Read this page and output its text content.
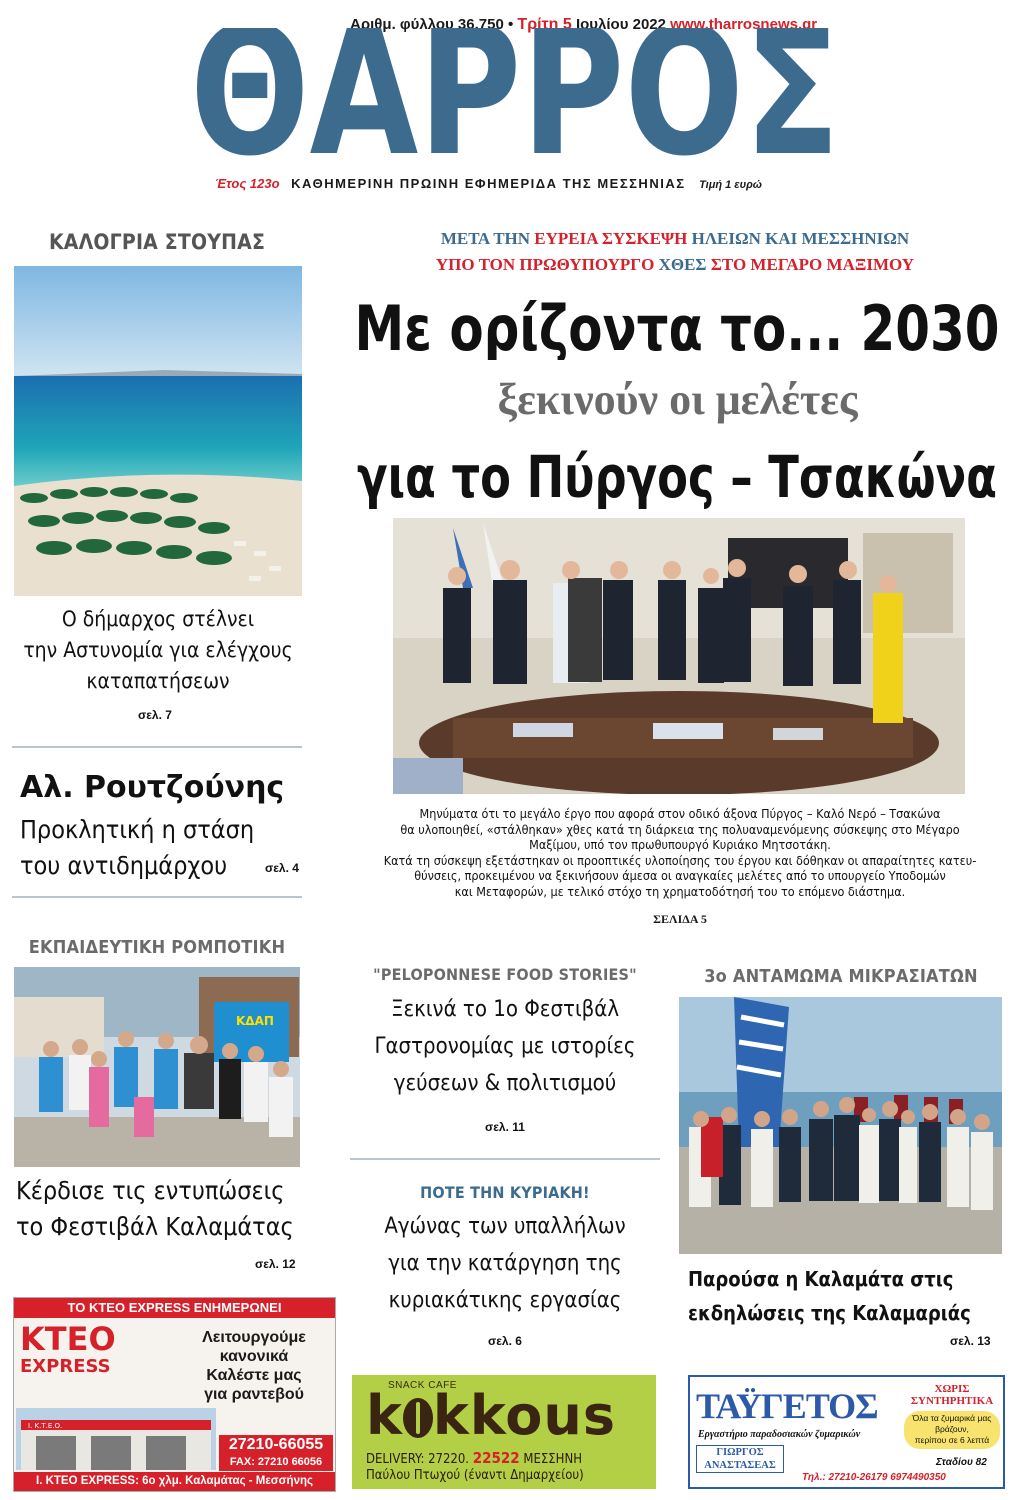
Αριθμ. φύλλου 36.750 • Τρίτη 5 Ιουλίου 2022 www.tharrosnews.gr
ΘΑΡΡΟΣ
Έτος 123ο ΚΑΘΗΜΕΡΙΝΗ ΠΡΩΙΝΗ ΕΦΗΜΕΡΙΔΑ ΤΗΣ ΜΕΣΣΗΝΙΑΣ Τιμή 1 ευρώ
ΜΕΤΑ ΤΗΝ ΕΥΡΕΙΑ ΣΥΣΚΕΨΗ ΗΛΕΙΩΝ ΚΑΙ ΜΕΣΣΗΝΙΩΝ
ΥΠΟ ΤΟΝ ΠΡΩΘΥΠΟΥΡΓΟ ΧΘΕΣ ΣΤΟ ΜΕΓΑΡΟ ΜΑΞΙΜΟΥ
Με ορίζοντα το... 2030
ξεκινούν οι μελέτες
για το Πύργος – Τσακώνα
Μηνύματα ότι το μεγάλο έργο που αφορά στον οδικό άξονα Πύργος – Καλό Νερό – Τσακώνα
θα υλοποιηθεί, «στάλθηκαν» χθες κατά τη διάρκεια της πολυαναμενόμενης σύσκεψης στο Μέγαρο
Μαξίμου, υπό τον πρωθυπουργό Κυριάκο Μητσοτάκη.
Κατά τη σύσκεψη εξετάστηκαν οι προοπτικές υλοποίησης του έργου και δόθηκαν οι απαραίτητες κατευ-
θύνσεις, προκειμένου να ξεκινήσουν άμεσα οι αναγκαίες μελέτες από το υπουργείο Υποδομών
και Μεταφορών, με τελικό στόχο τη χρηματοδότησή του το επόμενο διάστημα.
ΣΕΛΙΔΑ 5
ΚΑΛΟΓΡΙΑ ΣΤΟΥΠΑΣ
Ο δήμαρχος στέλνει
την Αστυνομία για ελέγχους
καταπατήσεων
σελ. 7
Αλ. Ρουτζούνης
Προκλητική η στάση
του αντιδημάρχου	σελ. 4
ΕΚΠΑΙΔΕΥΤΙΚΗ ΡΟΜΠΟΤΙΚΗ
ΚΔΑΠ
Κέρδισε τις εντυπώσεις
το Φεστιβάλ Καλαμάτας
σελ. 12
"PELOPONNESE FOOD STORIES"
Ξεκινά το 1ο Φεστιβάλ
Γαστρονομίας με ιστορίες
γεύσεων & πολιτισμού
σελ. 11
ΠΟΤΕ ΤΗΝ ΚΥΡΙΑΚΗ!
Αγώνας των υπαλλήλων
για την κατάργηση της
κυριακάτικης εργασίας
σελ. 6
3ο ΑΝΤΑΜΩΜΑ ΜΙΚΡΑΣΙΑΤΩΝ
Παρούσα η Καλαμάτα στις
εκδηλώσεις της Καλαμαριάς
σελ. 13
ΤΟ ΚΤΕΟ EXPRESS ΕΝΗΜΕΡΩΝΕΙ
ΚΤΕΟ
EXPRESS
Λειτουργούμε
κανονικά
Καλέστε μας
για ραντεβού
Ι. Κ.Τ.Ε.Ο.
27210-66055
FAX: 27210 66056
Ι. ΚΤΕΟ EXPRESS: 6ο χλμ. Καλαμάτας - Μεσσήνης
SNACK CAFE
k kkous
DELIVERY: 27220. 22522 ΜΕΣΣΗΝΗ
Παύλου Πτωχού (έναντι Δημαρχείου)
ΤΑΫΓΕΤΟΣ
Εργαστήριο παραδοσιακών ζυμαρικών
ΧΩΡΙΣ
ΣΥΝΤΗΡΗΤΙΚΑ
Όλα τα ζυμαρικά μας
βράζουν,
περίπου σε 6 λεπτά
ΓΙΩΡΓΟΣ
ΑΝΑΣΤΑΣΕΑΣ	Σταδίου 82
Τηλ.: 27210-26179 6974490350
